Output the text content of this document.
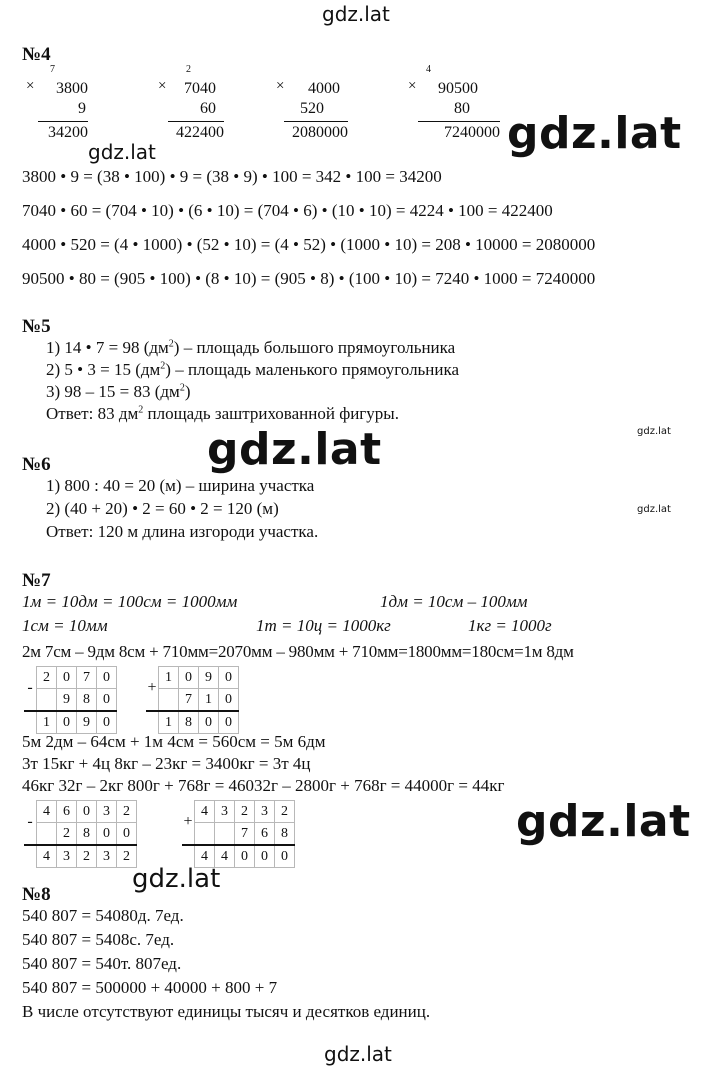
gdz.lat
gdz.lat
gdz.lat
gdz.lat	gdz.lat
gdz.lat
gdz.lat
gdz.lat
gdz.lat
№4
7
× 3800
9
34200
2
× 7040
60
422400
× 4000
520
2080000
4
× 90500
80
7240000
3800 • 9 = (38 • 100) • 9 = (38 • 9) • 100 = 342 • 100 = 34200
7040 • 60 = (704 • 10) • (6 • 10) = (704 • 6) • (10 • 10) = 4224 • 100 = 422400
4000 • 520 = (4 • 1000) • (52 • 10) = (4 • 52) • (1000 • 10) = 208 • 10000 = 2080000
90500 • 80 = (905 • 100) • (8 • 10) = (905 • 8) • (100 • 10) = 7240 • 1000 = 7240000
№5
1) 14 • 7 = 98 $(дм^2)$ – площадь большого прямоугольника
2) 5 • 3 = 15 $(дм^2)$ – площадь маленького прямоугольника
3) 98 – 15 = 83 $(дм^2)$
Ответ: 83 $дм^2$ площадь заштрихованной фигуры.
№6
1) 800 : 40 = 20 (м) – ширина участка
2) (40 + 20) • 2 = 60 • 2 = 120 (м)
Ответ: 120 м длина изгороди участка.
№7
1м = 10дм = 100см = 1000мм	1дм = 10см – 100мм
1см = 10мм	1т = 10ц = 1000кг	1кг = 1000г
2м 7см – 9дм 8см + 710мм=2070мм – 980мм + 710мм=1800мм=180см=1м 8дм
-	2	0	7	0
		9	8	0
	1	0	9	0
+	1	0	9	0
		7	1	0
	1	8	0	0
5м 2дм – 64см + 1м 4см = 560см = 5м 6дм
3т 15кг + 4ц 8кг – 23кг = 3400кг = 3т 4ц
46кг 32г – 2кг 800г + 768г = 46032г – 2800г + 768г = 44000г = 44кг
-	4	6	0	3	2
		2	8	0	0
	4	3	2	3	2
+	4	3	2	3	2
			7	6	8
	4	4	0	0	0
№8
540 807 = 54080д. 7ед.
540 807 = 5408с. 7ед.
540 807 = 540т. 807ед.
540 807 = 500000 + 40000 + 800 + 7
В числе отсутствуют единицы тысяч и десятков единиц.
